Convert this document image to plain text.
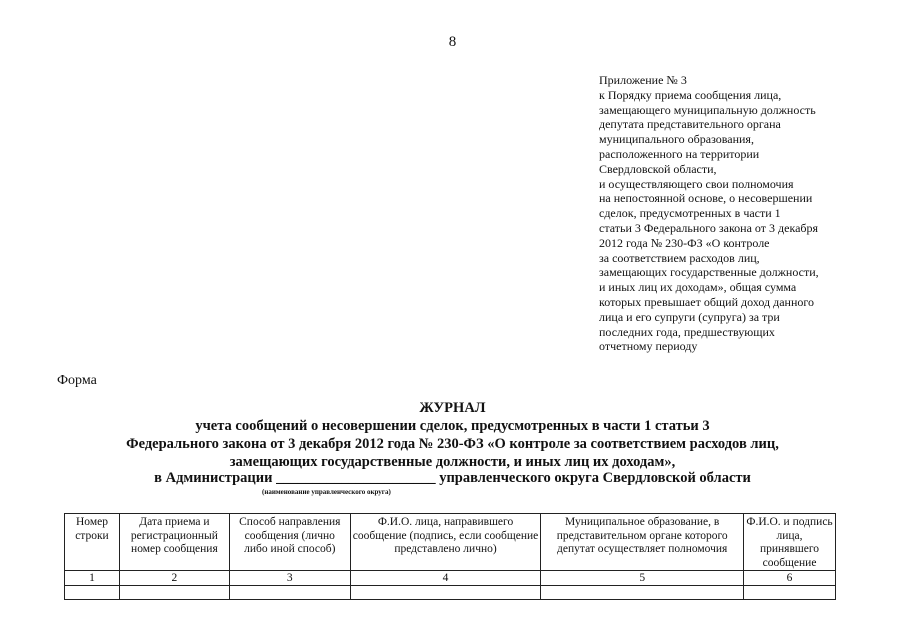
8
Приложение № 3
к Порядку приема сообщения лица,
замещающего муниципальную должность
депутата представительного органа
муниципального образования,
расположенного на территории
Свердловской области,
и осуществляющего свои полномочия
на непостоянной основе, о несовершении
сделок, предусмотренных в части 1
статьи 3 Федерального закона от 3 декабря
2012 года № 230-ФЗ «О контроле
за соответствием расходов лиц,
замещающих государственные должности,
и иных лиц их доходам», общая сумма
которых превышает общий доход данного
лица и его супруги (супруга) за три
последних года, предшествующих
отчетному периоду
Форма
ЖУРНАЛ
учета сообщений о несовершении сделок, предусмотренных в части 1 статьи 3
Федерального закона от 3 декабря 2012 года № 230-ФЗ «О контроле за соответствием расходов лиц,
замещающих государственные должности, и иных лиц их доходам»,
в Администрации ______________________ управленческого округа Свердловской области
(наименование управленческого округа)
Номер строки	Дата приема и регистрационный номер сообщения	Способ направления сообщения (лично либо иной способ)	Ф.И.О. лица, направившего сообщение (подпись, если сообщение представлено лично)	Муниципальное образование, в представительном органе которого депутат осуществляет полномочия	Ф.И.О. и подпись лица, принявшего сообщение
1	2	3	4	5	6
